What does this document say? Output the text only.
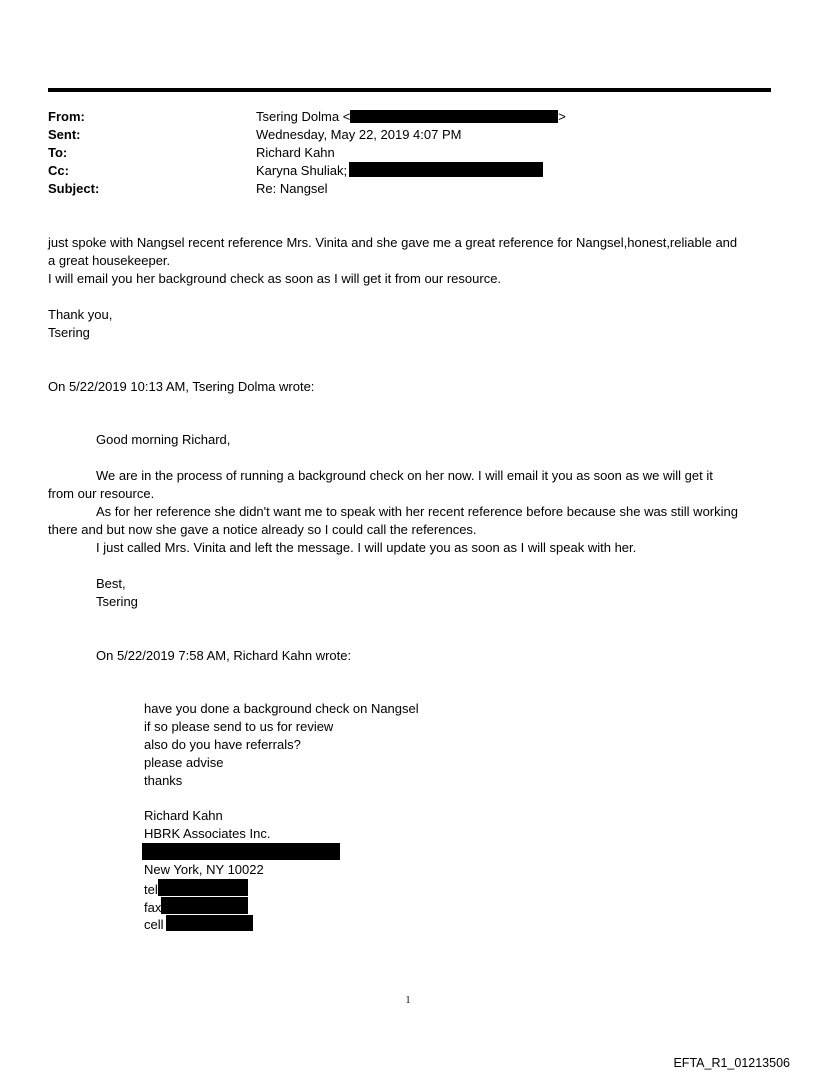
From:	Tsering Dolma <	>
Sent:	Wednesday, May 22, 2019 4:07 PM
To:	Richard Kahn
Cc:	Karyna Shuliak;
Subject:	Re: Nangsel
just spoke with Nangsel recent reference Mrs. Vinita and she gave me a great reference for Nangsel,honest,reliable and
a great housekeeper.
I will email you her background check as soon as I will get it from our resource.
Thank you,
Tsering
On 5/22/2019 10:13 AM, Tsering Dolma wrote:
Good morning Richard,
We are in the process of running a background check on her now. I will email it you as soon as we will get it
from our resource.
As for her reference she didn't want me to speak with her recent reference before because she was still working
there and but now she gave a notice already so I could call the references.
I just called Mrs. Vinita and left the message. I will update you as soon as I will speak with her.
Best,
Tsering
On 5/22/2019 7:58 AM, Richard Kahn wrote:
have you done a background check on Nangsel
if so please send to us for review
also do you have referrals?
please advise
thanks
Richard Kahn
HBRK Associates Inc.
New York, NY 10022
tel
fax
cell
1
EFTA_R1_01213506
